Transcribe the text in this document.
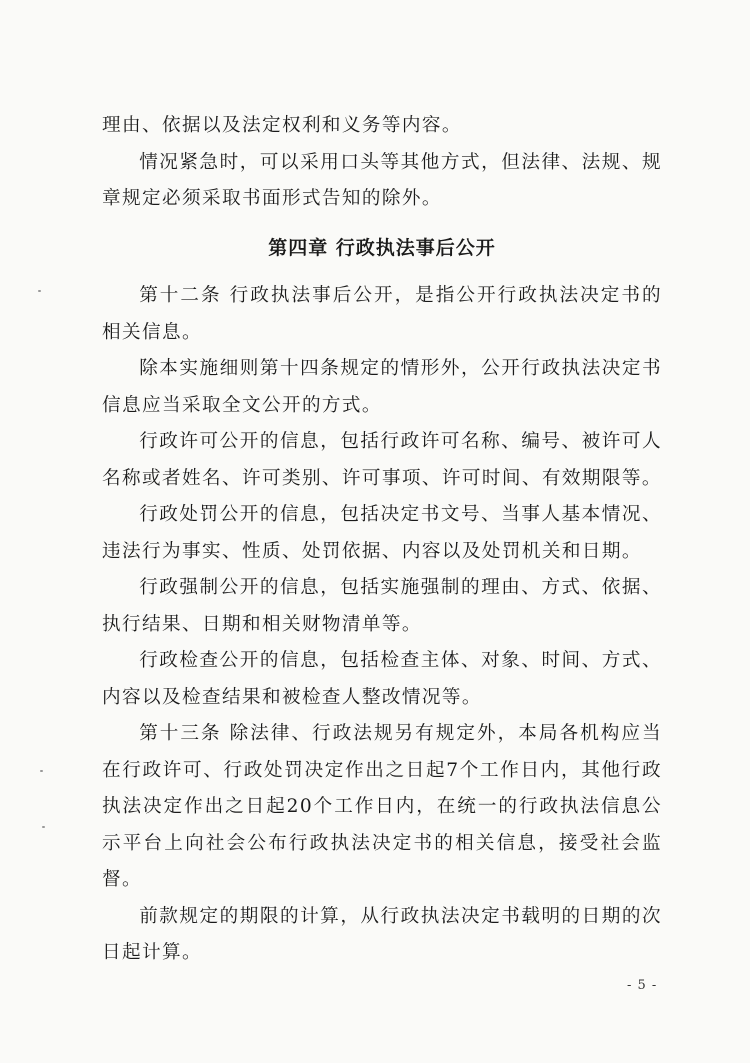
理由、依据以及法定权利和义务等内容。

情况紧急时，可以采用口头等其他方式，但法律、法规、规章规定必须采取书面形式告知的除外。

第四章 行政执法事后公开

第十二条 行政执法事后公开，是指公开行政执法决定书的相关信息。

除本实施细则第十四条规定的情形外，公开行政执法决定书信息应当采取全文公开的方式。

行政许可公开的信息，包括行政许可名称、编号、被许可人名称或者姓名、许可类别、许可事项、许可时间、有效期限等。

行政处罚公开的信息，包括决定书文号、当事人基本情况、违法行为事实、性质、处罚依据、内容以及处罚机关和日期。

行政强制公开的信息，包括实施强制的理由、方式、依据、执行结果、日期和相关财物清单等。

行政检查公开的信息，包括检查主体、对象、时间、方式、内容以及检查结果和被检查人整改情况等。

第十三条 除法律、行政法规另有规定外，本局各机构应当在行政许可、行政处罚决定作出之日起7个工作日内，其他行政执法决定作出之日起20个工作日内，在统一的行政执法信息公示平台上向社会公布行政执法决定书的相关信息，接受社会监督。

前款规定的期限的计算，从行政执法决定书载明的日期的次日起计算。

- 5 -
